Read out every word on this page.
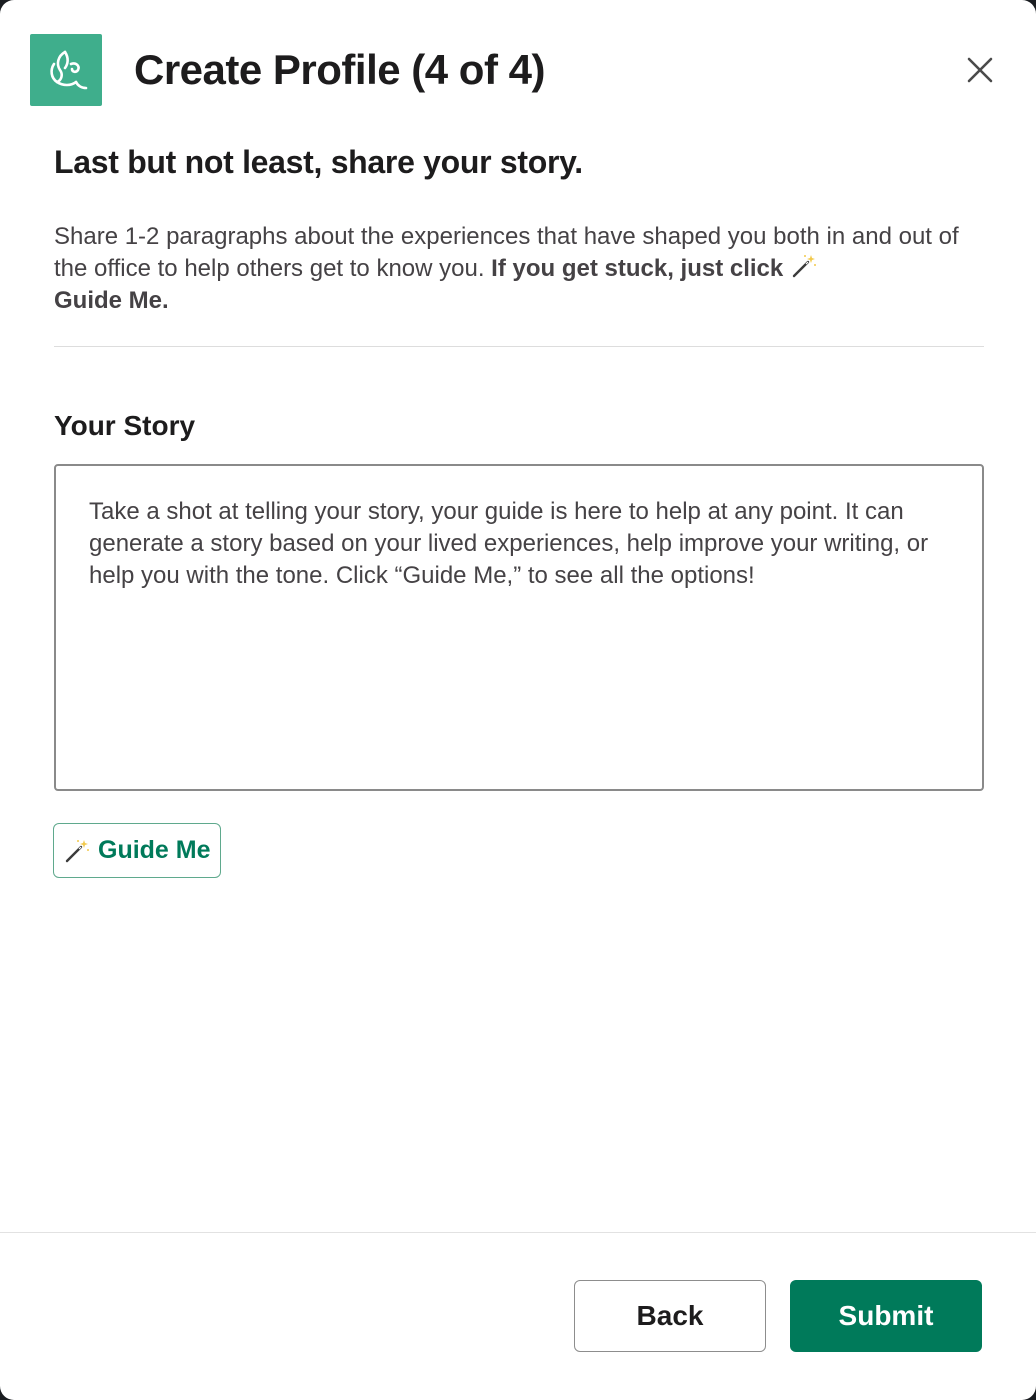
Create Profile (4 of 4)
Last but not least, share your story.
Share 1-2 paragraphs about the experiences that have shaped you both in and out of the office to help others get to know you. If you get stuck, just click
Guide Me.
Your Story
Take a shot at telling your story, your guide is here to help at any point. It can generate a story based on your lived experiences, help improve your writing, or help you with the tone. Click “Guide Me,” to see all the options!
Guide Me
Back	Submit
